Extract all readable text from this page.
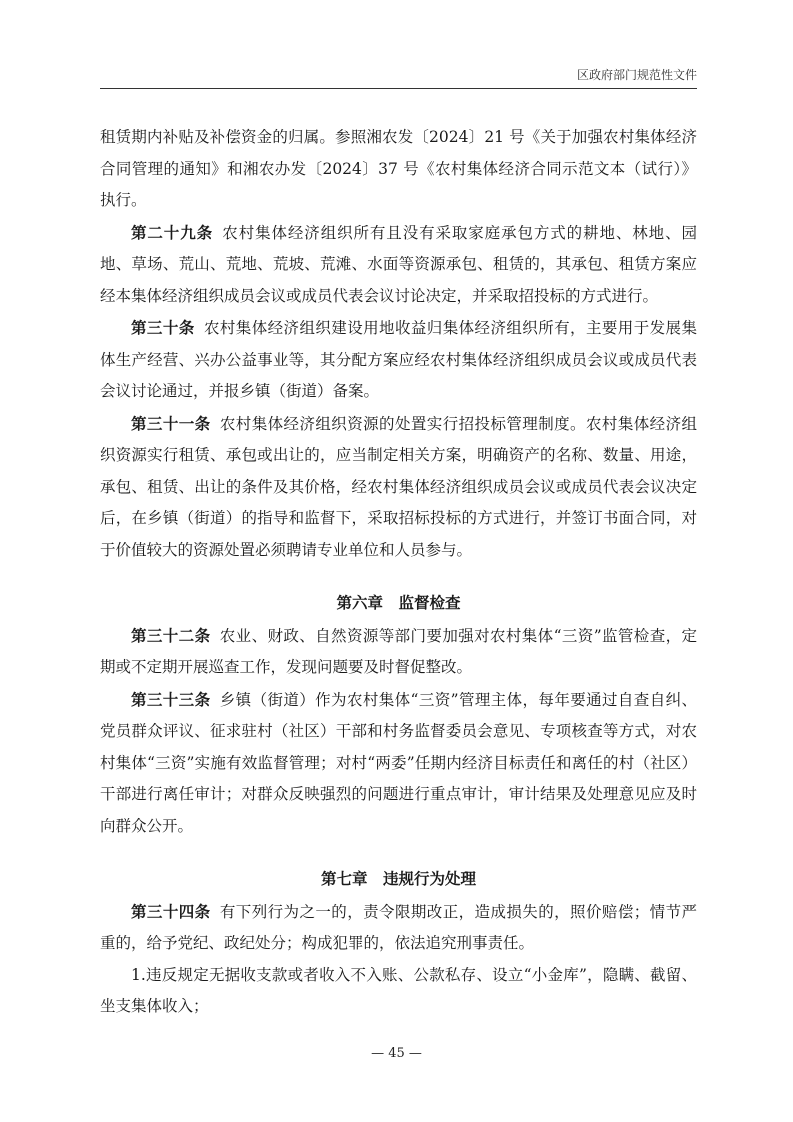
区政府部门规范性文件

租赁期内补贴及补偿资金的归属。参照湘农发〔2024〕21 号《关于加强农村集体经济合同管理的通知》和湘农办发〔2024〕37 号《农村集体经济合同示范文本（试行）》执行。

第二十九条 农村集体经济组织所有且没有采取家庭承包方式的耕地、林地、园地、草场、荒山、荒地、荒坡、荒滩、水面等资源承包、租赁的，其承包、租赁方案应经本集体经济组织成员会议或成员代表会议讨论决定，并采取招投标的方式进行。

第三十条 农村集体经济组织建设用地收益归集体经济组织所有，主要用于发展集体生产经营、兴办公益事业等，其分配方案应经农村集体经济组织成员会议或成员代表会议讨论通过，并报乡镇（街道）备案。

第三十一条 农村集体经济组织资源的处置实行招投标管理制度。农村集体经济组织资源实行租赁、承包或出让的，应当制定相关方案，明确资产的名称、数量、用途，承包、租赁、出让的条件及其价格，经农村集体经济组织成员会议或成员代表会议决定后，在乡镇（街道）的指导和监督下，采取招标投标的方式进行，并签订书面合同，对于价值较大的资源处置必须聘请专业单位和人员参与。

第六章 监督检查

第三十二条 农业、财政、自然资源等部门要加强对农村集体“三资”监管检查，定期或不定期开展巡查工作，发现问题要及时督促整改。

第三十三条 乡镇（街道）作为农村集体“三资”管理主体，每年要通过自查自纠、党员群众评议、征求驻村（社区）干部和村务监督委员会意见、专项核查等方式，对农村集体“三资”实施有效监督管理；对村“两委”任期内经济目标责任和离任的村（社区）干部进行离任审计；对群众反映强烈的问题进行重点审计，审计结果及处理意见应及时向群众公开。

第七章 违规行为处理

第三十四条 有下列行为之一的，责令限期改正，造成损失的，照价赔偿；情节严重的，给予党纪、政纪处分；构成犯罪的，依法追究刑事责任。

1.违反规定无据收支款或者收入不入账、公款私存、设立“小金库”，隐瞒、截留、坐支集体收入；

— 45 —
